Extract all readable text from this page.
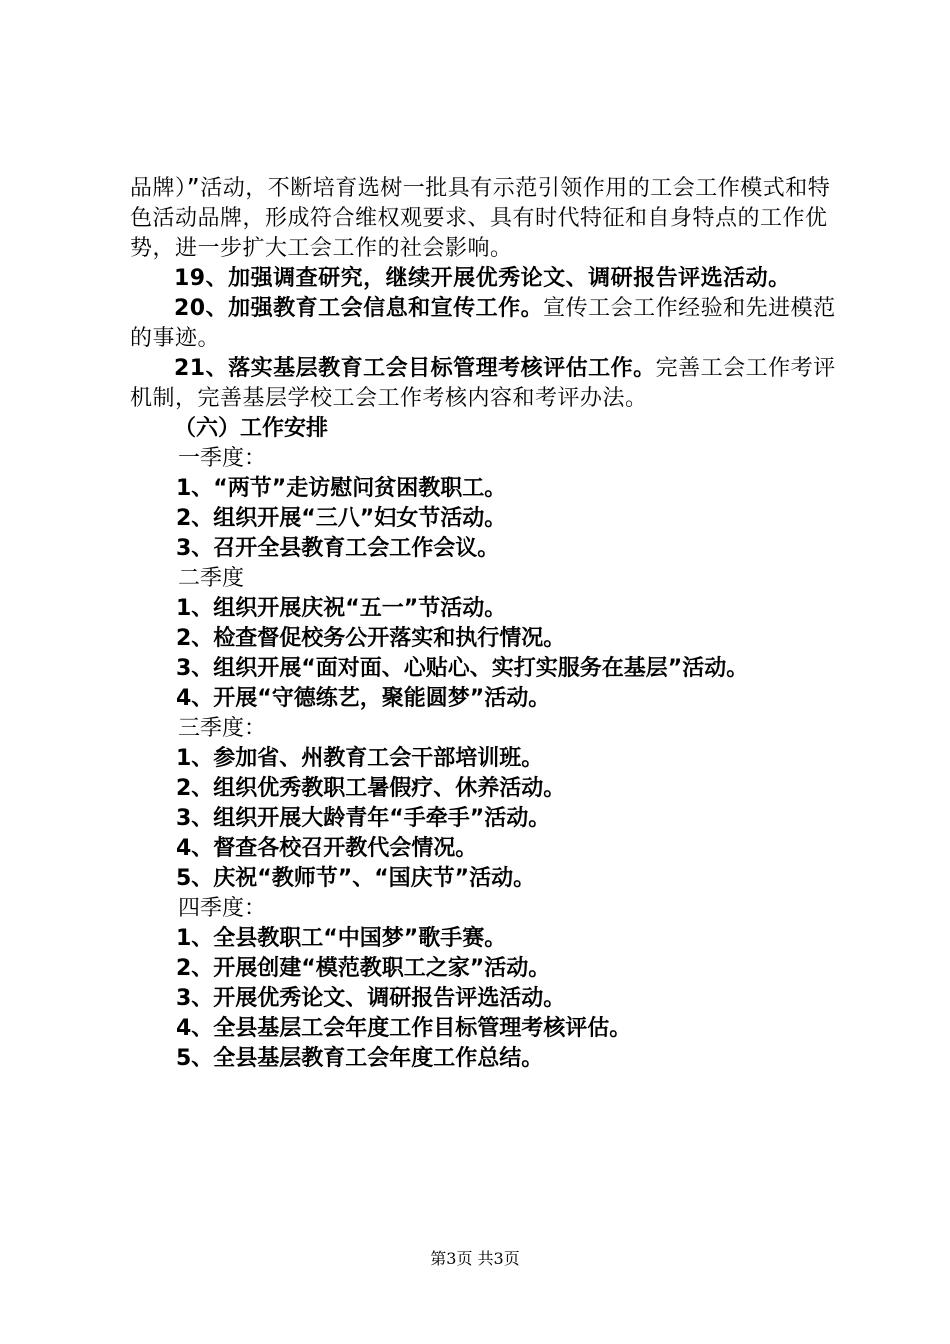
品牌）”活动，不断培育选树一批具有示范引领作用的工会工作模式和特色活动品牌，形成符合维权观要求、具有时代特征和自身特点的工作优势，进一步扩大工会工作的社会影响。

19、加强调查研究，继续开展优秀论文、调研报告评选活动。

20、加强教育工会信息和宣传工作。宣传工会工作经验和先进模范的事迹。

21、落实基层教育工会目标管理考核评估工作。完善工会工作考评机制，完善基层学校工会工作考核内容和考评办法。

（六）工作安排

一季度：

1、“两节”走访慰问贫困教职工。

2、组织开展“三八”妇女节活动。

3、召开全县教育工会工作会议。

二季度

1、组织开展庆祝“五一”节活动。

2、检查督促校务公开落实和执行情况。

3、组织开展“面对面、心贴心、实打实服务在基层”活动。

4、开展“守德练艺，聚能圆梦”活动。

三季度：

1、参加省、州教育工会干部培训班。

2、组织优秀教职工暑假疗、休养活动。

3、组织开展大龄青年“手牵手”活动。

4、督查各校召开教代会情况。

5、庆祝“教师节”、“国庆节”活动。

四季度：

1、全县教职工“中国梦”歌手赛。

2、开展创建“模范教职工之家”活动。

3、开展优秀论文、调研报告评选活动。

4、全县基层工会年度工作目标管理考核评估。

5、全县基层教育工会年度工作总结。

第3页 共3页
